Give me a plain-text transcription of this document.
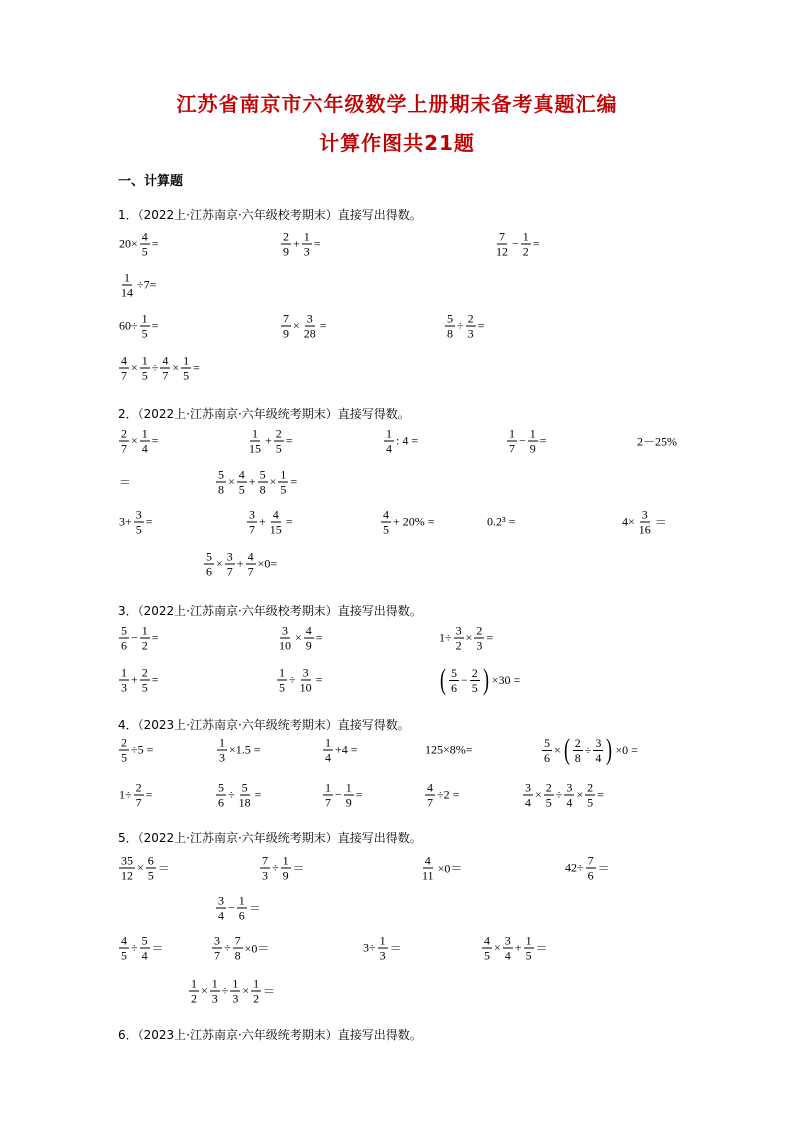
江苏省南京市六年级数学上册期末备考真题汇编
计算作图共21题
一、计算题
1．（2022上·江苏南京·六年级校考期末）直接写出得数。
$20\times \frac{4}{5}$ =	$\frac{2}{9} + \frac{1}{3}$ =	$\frac{7}{12} - \frac{1}{2}$ =
$\frac{1}{14} \div 7=$
$60\div \frac{1}{5}$ =	$\frac{7}{9} \times \frac{3}{28}$ =	$\frac{5}{8} \div \frac{2}{3}$ =
$\frac{4}{7} \times \frac{1}{5} \div \frac{4}{7} \times \frac{1}{5}$ =
2．（2022上·江苏南京·六年级统考期末）直接写得数。
$\frac{2}{7} \times \frac{1}{4}$ =	$\frac{1}{15} + \frac{2}{5}$ =	$\frac{1}{4}$ : 4 =	$\frac{1}{7} - \frac{1}{9}$ =	2－25%
＝	$\frac{5}{8} \times \frac{4}{5} + \frac{5}{8} \times \frac{1}{5}$ =
$3+ \frac{3}{5}$ =	$\frac{3}{7} + \frac{4}{15}$ =	$\frac{4}{5} + 20\%$ =	0.2³ =	$4\times \frac{3}{16}$ ＝
$\frac{5}{6} \times \frac{3}{7} + \frac{4}{7} \times 0=$
3．（2022上·江苏南京·六年级校考期末）直接写出得数。
$\frac{5}{6} - \frac{1}{2}$ =	$\frac{3}{10} \times \frac{4}{9}$ =	$1\div \frac{3}{2} \times \frac{2}{3}$ =
$\frac{1}{3} + \frac{2}{5}$ =	$\frac{1}{5} \div \frac{3}{10}$ =	( $\frac{5}{6} - \frac{2}{5}$ ) ×30 =
4．（2023上·江苏南京·六年级统考期末）直接写得数。
$\frac{2}{5} \div 5$ =	$\frac{1}{3} \times 1.5$ =	$\frac{1}{4} +4$ =	125×8%=	$\frac{5}{6}$ × ( $\frac{2}{8} \div \frac{3}{4}$ ) ×0 =
$1\div \frac{2}{7}$ =	$\frac{5}{6} \div \frac{5}{18}$ =	$\frac{1}{7} - \frac{1}{9}$ =	$\frac{4}{7} \div 2$ =	$\frac{3}{4} \times \frac{2}{5} \div \frac{3}{4} \times \frac{2}{5}$ =
5．（2022上·江苏南京·六年级统考期末）直接写出得数。
$\frac{35}{12} \times \frac{6}{5}$ ＝	$\frac{7}{3} \div \frac{1}{9}$ ＝	$\frac{4}{11} \times 0=$	$42\div \frac{7}{6}$ ＝
$\frac{3}{4} - \frac{1}{6}$ ＝
$\frac{4}{5} \div \frac{5}{4}$ ＝	$\frac{3}{7} \div \frac{7}{8} \times 0=$	$3\div \frac{1}{3}$ ＝	$\frac{4}{5} \times \frac{3}{4} + \frac{1}{5}$ ＝
$\frac{1}{2} \times \frac{1}{3} \div \frac{1}{3} \times \frac{1}{2}$ ＝
6．（2023上·江苏南京·六年级统考期末）直接写出得数。
